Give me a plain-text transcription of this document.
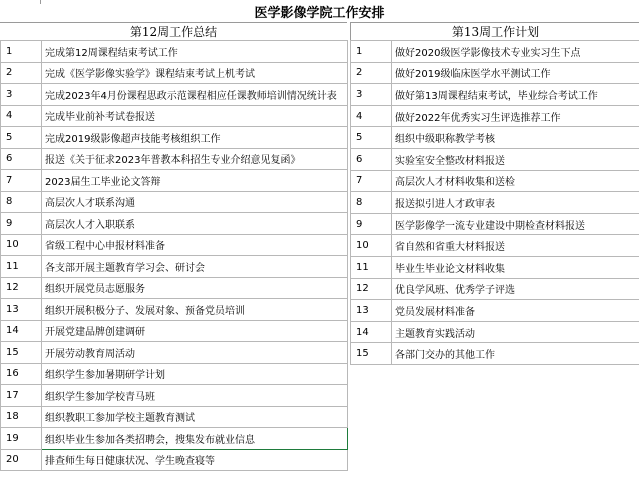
医学影像学院工作安排
第12周工作总结	第13周工作计划
1	完成第12周课程结束考试工作
2	完成《医学影像实验学》课程结束考试上机考试
3	完成2023年4月份课程思政示范课程相应任课教师培训情况统计表
4	完成毕业前补考试卷报送
5	完成2019级影像超声技能考核组织工作
6	报送《关于征求2023年普教本科招生专业介绍意见复函》
7	2023届生工毕业论文答辩
8	高层次人才联系沟通
9	高层次人才入职联系
10	省级工程中心申报材料准备
11	各支部开展主题教育学习会、研讨会
12	组织开展党员志愿服务
13	组织开展积极分子、发展对象、预备党员培训
14	开展党建品牌创建调研
15	开展劳动教育周活动
16	组织学生参加暑期研学计划
17	组织学生参加学校青马班
18	组织教职工参加学校主题教育测试
19	组织毕业生参加各类招聘会，搜集发布就业信息
20	排查师生每日健康状况、学生晚查寝等
1	做好2020级医学影像技术专业实习生下点
2	做好2019级临床医学水平测试工作
3	做好第13周课程结束考试，毕业综合考试工作
4	做好2022年优秀实习生评选推荐工作
5	组织中级职称教学考核
6	实验室安全整改材料报送
7	高层次人才材料收集和送检
8	报送拟引进人才政审表
9	医学影像学一流专业建设中期检查材料报送
10	省自然和省重大材料报送
11	毕业生毕业论文材料收集
12	优良学风班、优秀学子评选
13	党员发展材料准备
14	主题教育实践活动
15	各部门交办的其他工作
